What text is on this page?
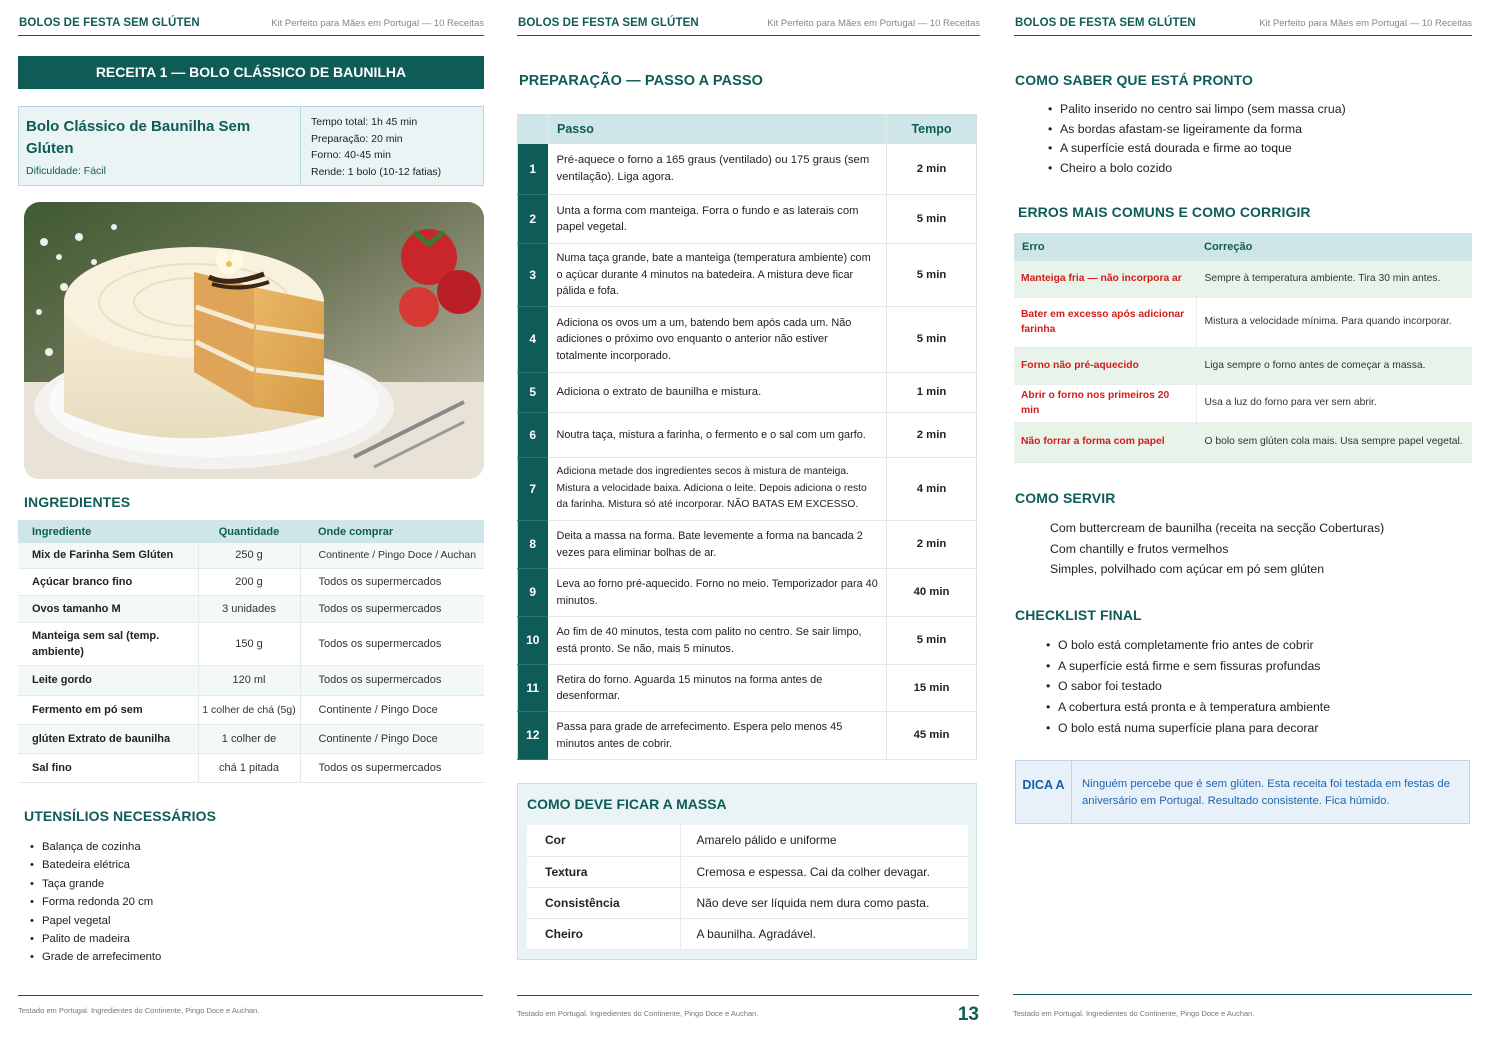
BOLOS DE FESTA SEM GLÚTEN	Kit Perfeito para Mães em Portugal — 10 Receitas
RECEITA 1 — BOLO CLÁSSICO DE BAUNILHA
Bolo Clássico de Baunilha Sem Glúten
Dificuldade: Fácil
Tempo total: 1h 45 min
Preparação: 20 min
Forno: 40-45 min
Rende: 1 bolo (10-12 fatias)
INGREDIENTES
Ingrediente	Quantidade	Onde comprar
Mix de Farinha Sem Glúten	250 g	Continente / Pingo Doce / Auchan
Açúcar branco fino	200 g	Todos os supermercados
Ovos tamanho M	3 unidades	Todos os supermercados
Manteiga sem sal (temp. ambiente)	150 g	Todos os supermercados
Leite gordo	120 ml	Todos os supermercados
Fermento em pó sem	1 colher de chá (5g)	Continente / Pingo Doce
glúten Extrato de baunilha	1 colher de	Continente / Pingo Doce
Sal fino	chá 1 pitada	Todos os supermercados
UTENSÍLIOS NECESSÁRIOS
• Balança de cozinha
• Batedeira elétrica
• Taça grande
• Forma redonda 20 cm
• Papel vegetal
• Palito de madeira
• Grade de arrefecimento
Testado em Portugal. Ingredientes do Continente, Pingo Doce e Auchan.
BOLOS DE FESTA SEM GLÚTEN	Kit Perfeito para Mães em Portugal — 10 Receitas
PREPARAÇÃO — PASSO A PASSO
Testado em Portugal. Ingredientes do Continente, Pingo Doce e Auchan.	13
	Passo	Tempo
1	Pré-aquece o forno a 165 graus (ventilado) ou 175 graus (sem ventilação). Liga agora.	2 min
2	Unta a forma com manteiga. Forra o fundo e as laterais com papel vegetal.	5 min
3	Numa taça grande, bate a manteiga (temperatura ambiente) com o açúcar durante 4 minutos na batedeira. A mistura deve ficar pálida e fofa.	5 min
4	Adiciona os ovos um a um, batendo bem após cada um. Não adiciones o próximo ovo enquanto o anterior não estiver totalmente incorporado.	5 min
5	Adiciona o extrato de baunilha e mistura.	1 min
6	Noutra taça, mistura a farinha, o fermento e o sal com um garfo.	2 min
7	Adiciona metade dos ingredientes secos à mistura de manteiga. Mistura a velocidade baixa. Adiciona o leite. Depois adiciona o resto da farinha. Mistura só até incorporar. NÃO BATAS EM EXCESSO.	4 min
8	Deita a massa na forma. Bate levemente a forma na bancada 2 vezes para eliminar bolhas de ar.	2 min
9	Leva ao forno pré-aquecido. Forno no meio. Temporizador para 40 minutos.	40 min
10	Ao fim de 40 minutos, testa com palito no centro. Se sair limpo, está pronto. Se não, mais 5 minutos.	5 min
11	Retira do forno. Aguarda 15 minutos na forma antes de desenformar.	15 min
12	Passa para grade de arrefecimento. Espera pelo menos 45 minutos antes de cobrir.	45 min
COMO DEVE FICAR A MASSA
Cor	Amarelo pálido e uniforme
Textura	Cremosa e espessa. Cai da colher devagar.
Consistência	Não deve ser líquida nem dura como pasta.
Cheiro	A baunilha. Agradável.
BOLOS DE FESTA SEM GLÚTEN	Kit Perfeito para Mães em Portugal — 10 Receitas
COMO SABER QUE ESTÁ PRONTO
• Palito inserido no centro sai limpo (sem massa crua)
• As bordas afastam-se ligeiramente da forma
• A superfície está dourada e firme ao toque
• Cheiro a bolo cozido
ERROS MAIS COMUNS E COMO CORRIGIR
COMO SERVIR
Com buttercream de baunilha (receita na secção Coberturas)
Com chantilly e frutos vermelhos
Simples, polvilhado com açúcar em pó sem glúten
CHECKLIST FINAL
• O bolo está completamente frio antes de cobrir
• A superfície está firme e sem fissuras profundas
• O sabor foi testado
• A cobertura está pronta e à temperatura ambiente
• O bolo está numa superfície plana para decorar
Testado em Portugal. Ingredientes do Continente, Pingo Doce e Auchan.
Erro	Correção
Manteiga fria — não incorpora ar	Sempre à temperatura ambiente. Tira 30 min antes.
Bater em excesso após adicionar farinha	Mistura a velocidade mínima. Para quando incorporar.
Forno não pré-aquecido	Liga sempre o forno antes de começar a massa.
Abrir o forno nos primeiros 20 min	Usa a luz do forno para ver sem abrir.
Não forrar a forma com papel	O bolo sem glúten cola mais. Usa sempre papel vegetal.
DICA A	Ninguém percebe que é sem glúten. Esta receita foi testada em festas de aniversário em Portugal. Resultado consistente. Fica húmido.
